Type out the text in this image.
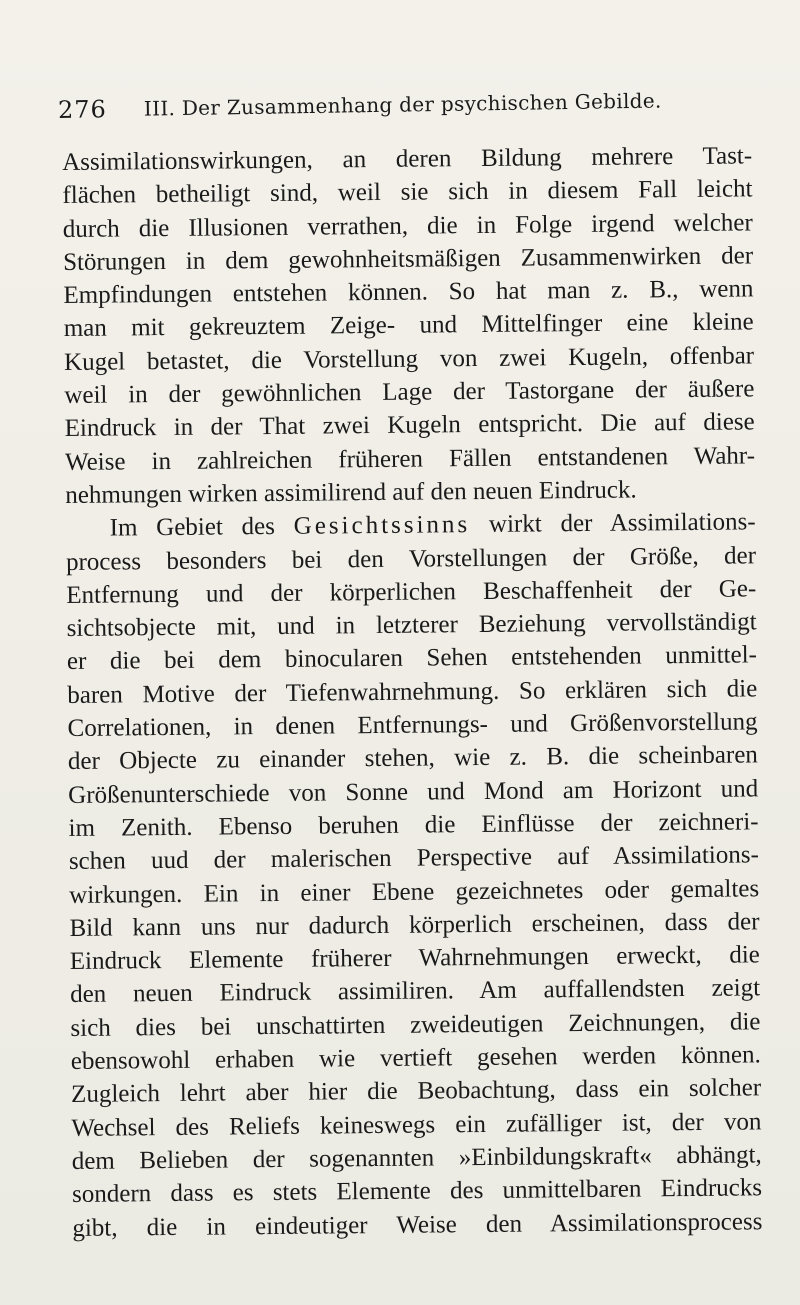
276 III. Der Zusammenhang der psychischen Gebilde.
Assimilationswirkungen, an deren Bildung mehrere Tast-
flächen betheiligt sind, weil sie sich in diesem Fall leicht
durch die Illusionen verrathen, die in Folge irgend welcher
Störungen in dem gewohnheitsmäßigen Zusammenwirken der
Empfindungen entstehen können. So hat man z. B., wenn
man mit gekreuztem Zeige- und Mittelfinger eine kleine
Kugel betastet, die Vorstellung von zwei Kugeln, offenbar
weil in der gewöhnlichen Lage der Tastorgane der äußere
Eindruck in der That zwei Kugeln entspricht. Die auf diese
Weise in zahlreichen früheren Fällen entstandenen Wahr-
nehmungen wirken assimilirend auf den neuen Eindruck.
Im Gebiet des Gesichtssinns wirkt der Assimilations-
process besonders bei den Vorstellungen der Größe, der
Entfernung und der körperlichen Beschaffenheit der Ge-
sichtsobjecte mit, und in letzterer Beziehung vervollständigt
er die bei dem binocularen Sehen entstehenden unmittel-
baren Motive der Tiefenwahrnehmung. So erklären sich die
Correlationen, in denen Entfernungs- und Größenvorstellung
der Objecte zu einander stehen, wie z. B. die scheinbaren
Größenunterschiede von Sonne und Mond am Horizont und
im Zenith. Ebenso beruhen die Einflüsse der zeichneri-
schen uud der malerischen Perspective auf Assimilations-
wirkungen. Ein in einer Ebene gezeichnetes oder gemaltes
Bild kann uns nur dadurch körperlich erscheinen, dass der
Eindruck Elemente früherer Wahrnehmungen erweckt, die
den neuen Eindruck assimiliren. Am auffallendsten zeigt
sich dies bei unschattirten zweideutigen Zeichnungen, die
ebensowohl erhaben wie vertieft gesehen werden können.
Zugleich lehrt aber hier die Beobachtung, dass ein solcher
Wechsel des Reliefs keineswegs ein zufälliger ist, der von
dem Belieben der sogenannten »Einbildungskraft« abhängt,
sondern dass es stets Elemente des unmittelbaren Eindrucks
gibt, die in eindeutiger Weise den Assimilationsprocess
